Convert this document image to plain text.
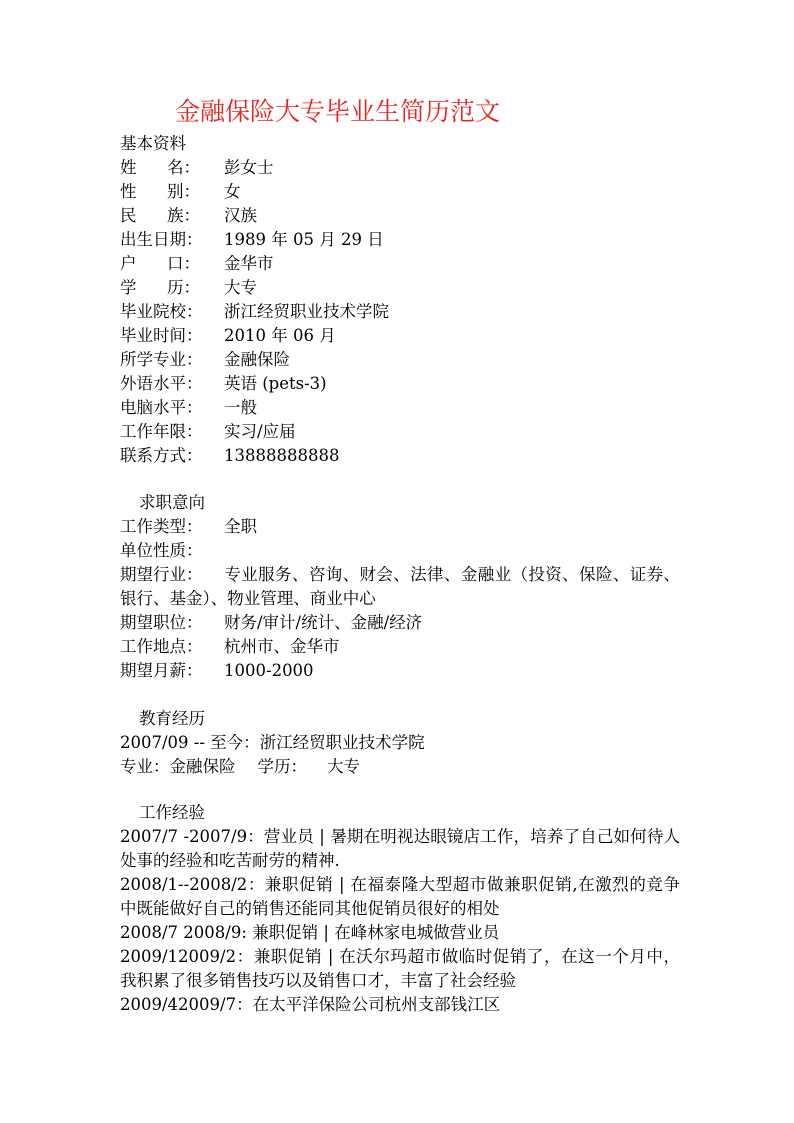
金融保险大专毕业生简历范文
基本资料
姓 名： 彭女士
性 别： 女
民 族： 汉族
出生日期：	1989 年 05 月 29 日
户 口： 金华市
学 历： 大专
毕业院校：	浙江经贸职业技术学院
毕业时间：	2010 年 06 月
所学专业：	金融保险
外语水平：	英语 (pets-3)
电脑水平：	一般
工作年限：	实习/应届
联系方式：	13888888888
求职意向
工作类型：	全职
单位性质：
期望行业： 专业服务、咨询、财会、法律、金融业（投资、保险、证券、银行、基金）、物业管理、商业中心
期望职位：	财务/审计/统计、金融/经济
工作地点：	杭州市、金华市
期望月薪：	1000-2000
教育经历
2007/09 -- 至今：浙江经贸职业技术学院
专业：金融保险 学历： 大专
工作经验
2007/7 -2007/9：营业员 | 暑期在明视达眼镜店工作，培养了自己如何待人处事的经验和吃苦耐劳的精神.
2008/1--2008/2：兼职促销 | 在福泰隆大型超市做兼职促销,在激烈的竞争中既能做好自己的销售还能同其他促销员很好的相处
2008/7 2008/9: 兼职促销 | 在峰林家电城做营业员
2009/12009/2：兼职促销 | 在沃尔玛超市做临时促销了，在这一个月中，我积累了很多销售技巧以及销售口才，丰富了社会经验
2009/42009/7：在太平洋保险公司杭州支部钱江区
